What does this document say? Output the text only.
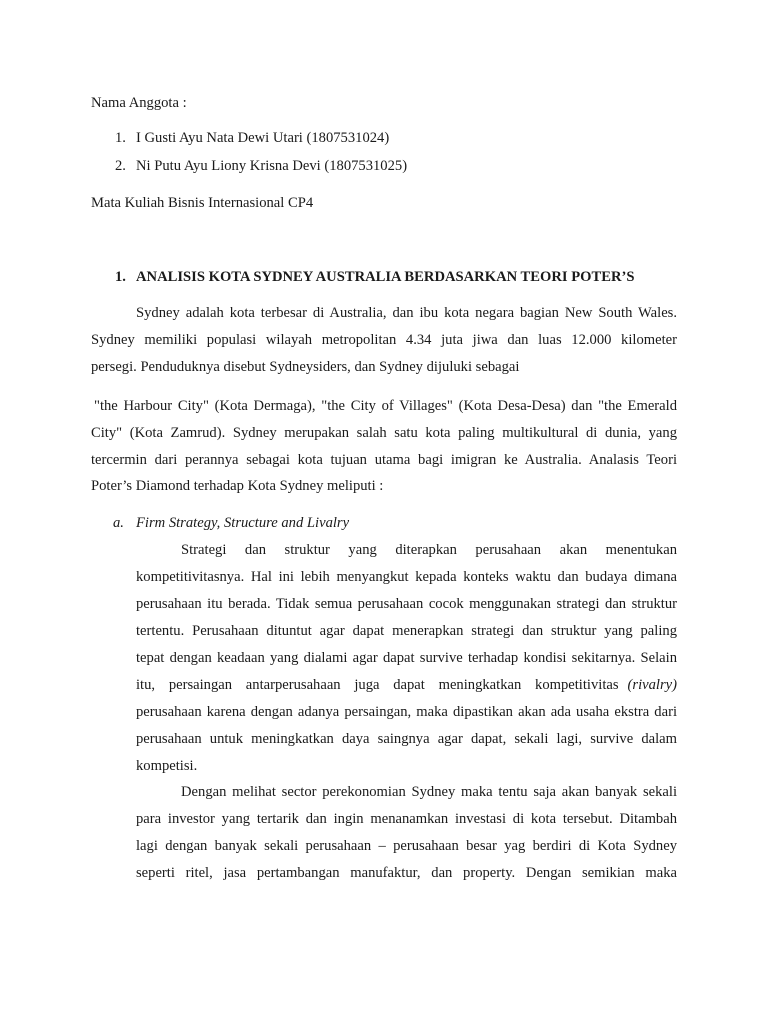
Nama Anggota :
1. I Gusti Ayu Nata Dewi Utari (1807531024)
2. Ni Putu Ayu Liony Krisna Devi (1807531025)
Mata Kuliah Bisnis Internasional CP4
1. ANALISIS KOTA SYDNEY AUSTRALIA BERDASARKAN TEORI POTER’S
Sydney adalah kota terbesar di Australia, dan ibu kota negara bagian New South Wales.
Sydney memiliki populasi wilayah metropolitan 4.34 juta jiwa dan luas 12.000 kilometer
persegi. Penduduknya disebut Sydneysiders, dan Sydney dijuluki sebagai
"the Harbour City" (Kota Dermaga), "the City of Villages" (Kota Desa-Desa) dan "the Emerald
City" (Kota Zamrud). Sydney merupakan salah satu kota paling multikultural di dunia, yang
tercermin dari perannya sebagai kota tujuan utama bagi imigran ke Australia. Analasis Teori
Poter’s Diamond terhadap Kota Sydney meliputi :
a. Firm Strategy, Structure and Livalry
Strategi dan struktur yang diterapkan perusahaan akan menentukan
kompetitivitasnya. Hal ini lebih menyangkut kepada konteks waktu dan budaya dimana
perusahaan itu berada. Tidak semua perusahaan cocok menggunakan strategi dan struktur
tertentu. Perusahaan dituntut agar dapat menerapkan strategi dan struktur yang paling
tepat dengan keadaan yang dialami agar dapat survive terhadap kondisi sekitarnya. Selain
itu, persaingan antarperusahaan juga dapat meningkatkan kompetitivitas (rivalry)
perusahaan karena dengan adanya persaingan, maka dipastikan akan ada usaha ekstra dari
perusahaan untuk meningkatkan daya saingnya agar dapat, sekali lagi, survive dalam
kompetisi.
Dengan melihat sector perekonomian Sydney maka tentu saja akan banyak sekali
para investor yang tertarik dan ingin menanamkan investasi di kota tersebut. Ditambah
lagi dengan banyak sekali perusahaan – perusahaan besar yag berdiri di Kota Sydney
seperti ritel, jasa pertambangan manufaktur, dan property. Dengan semikian maka
